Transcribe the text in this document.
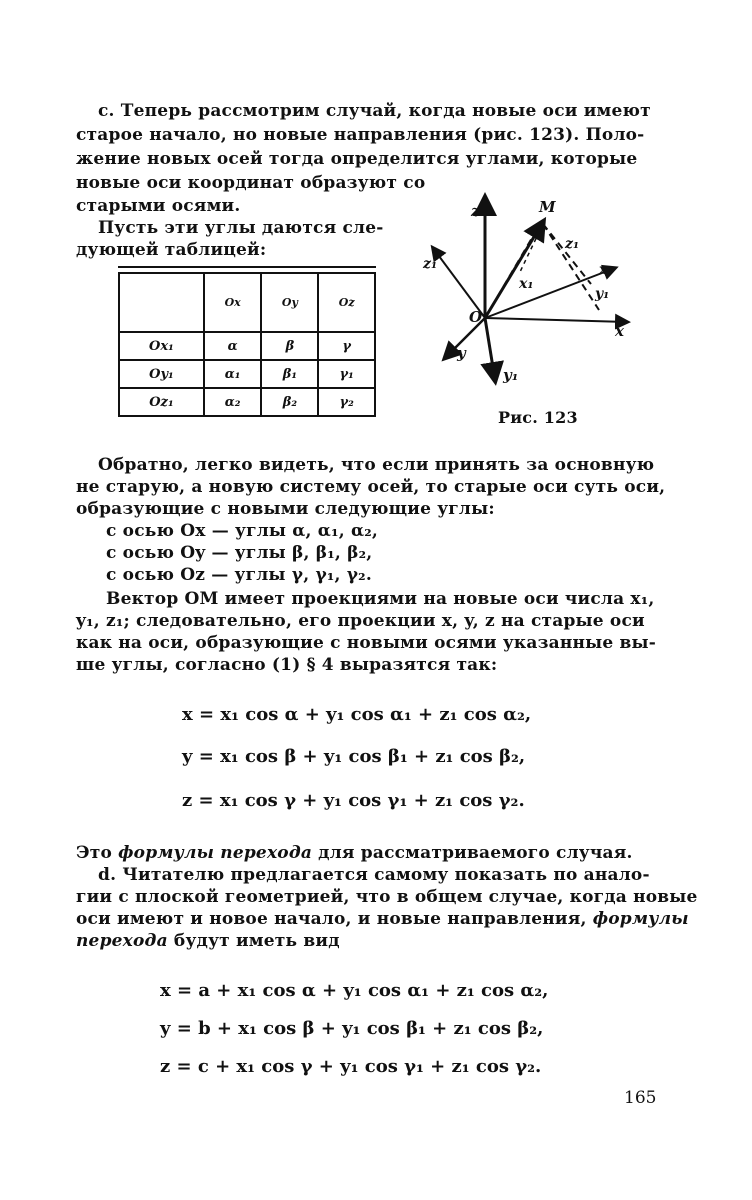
c. Теперь рассмотрим случай, когда новые оси имеют
старое начало, но новые направления (рис. 123). Поло-
жение новых осей тогда определится углами, которые
новые оси координат образуют со
старыми осями.
Пусть эти углы даются сле-
дующей таблицей:
	Ox	Oy	Oz
Ox₁	α	β	γ
Oy₁	α₁	β₁	γ₁
Oz₁	α₂	β₂	γ₂
z	M
z₁
z₁
x₁
x₁
y₁
O
x
y
y₁
Рис. 123
Обратно, легко видеть, что если принять за основную
не старую, а новую систему осей, то старые оси суть оси,
образующие с новыми следующие углы:
с осью Ox — углы α, α₁, α₂,
с осью Oy — углы β, β₁, β₂,
с осью Oz — углы γ, γ₁, γ₂.
Вектор OM имеет проекциями на новые оси числа x₁,
y₁, z₁; следовательно, его проекции x, y, z на старые оси
как на оси, образующие с новыми осями указанные вы-
ше углы, согласно (1) § 4 выразятся так:
x = x₁ cos α + y₁ cos α₁ + z₁ cos α₂,
y = x₁ cos β + y₁ cos β₁ + z₁ cos β₂,
z = x₁ cos γ + y₁ cos γ₁ + z₁ cos γ₂.
Это формулы перехода для рассматриваемого случая.
d. Читателю предлагается самому показать по анало-
гии с плоской геометрией, что в общем случае, когда новые
оси имеют и новое начало, и новые направления, формулы
перехода будут иметь вид
x = a + x₁ cos α + y₁ cos α₁ + z₁ cos α₂,
y = b + x₁ cos β + y₁ cos β₁ + z₁ cos β₂,
z = c + x₁ cos γ + y₁ cos γ₁ + z₁ cos γ₂.
165
